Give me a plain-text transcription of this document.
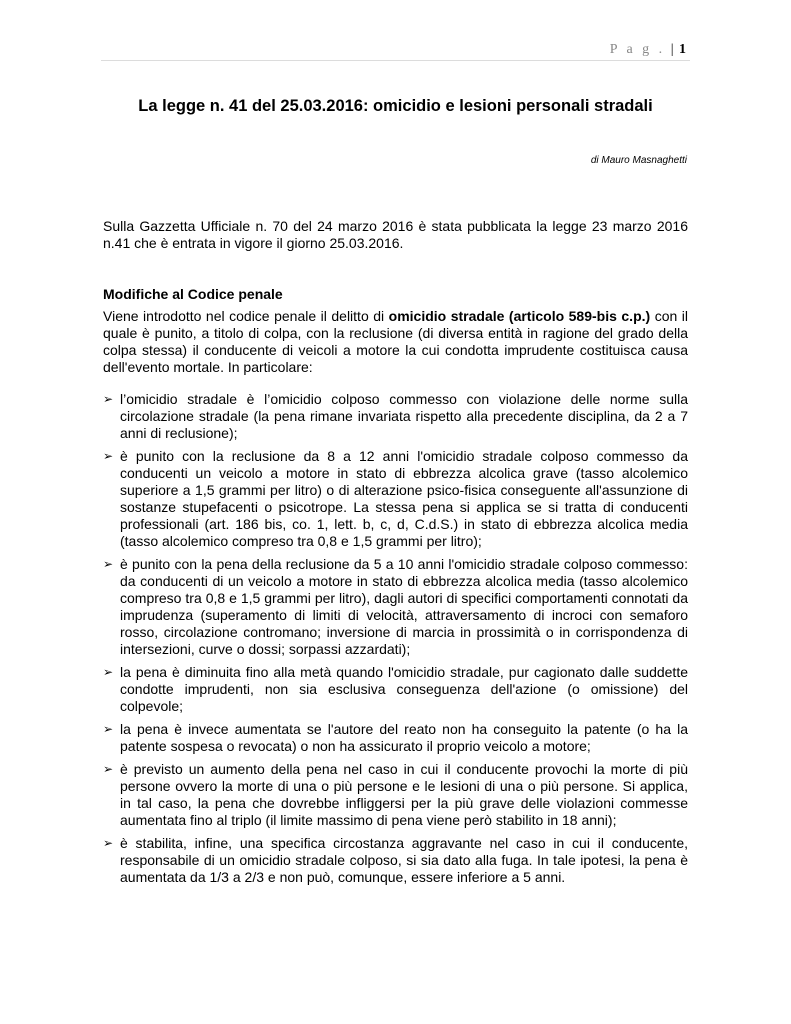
P a g . | 1
La legge n. 41 del 25.03.2016: omicidio e lesioni personali stradali
di Mauro Masnaghetti
Sulla Gazzetta Ufficiale n. 70 del 24 marzo 2016 è stata pubblicata la legge 23 marzo 2016 n.41 che è entrata in vigore il giorno 25.03.2016.
Modifiche al Codice penale
Viene introdotto nel codice penale il delitto di omicidio stradale (articolo 589-bis c.p.) con il quale è punito, a titolo di colpa, con la reclusione (di diversa entità in ragione del grado della colpa stessa) il conducente di veicoli a motore la cui condotta imprudente costituisca causa dell'evento mortale. In particolare:
➢ l’omicidio stradale è l’omicidio colposo commesso con violazione delle norme sulla circolazione stradale (la pena rimane invariata rispetto alla precedente disciplina, da 2 a 7 anni di reclusione);
➢ è punito con la reclusione da 8 a 12 anni l'omicidio stradale colposo commesso da conducenti un veicolo a motore in stato di ebbrezza alcolica grave (tasso alcolemico superiore a 1,5 grammi per litro) o di alterazione psico-fisica conseguente all'assunzione di sostanze stupefacenti o psicotrope. La stessa pena si applica se si tratta di conducenti professionali (art. 186 bis, co. 1, lett. b, c, d, C.d.S.) in stato di ebbrezza alcolica media (tasso alcolemico compreso tra 0,8 e 1,5 grammi per litro);
➢ è punito con la pena della reclusione da 5 a 10 anni l'omicidio stradale colposo commesso: da conducenti di un veicolo a motore in stato di ebbrezza alcolica media (tasso alcolemico compreso tra 0,8 e 1,5 grammi per litro), dagli autori di specifici comportamenti connotati da imprudenza (superamento di limiti di velocità, attraversamento di incroci con semaforo rosso, circolazione contromano; inversione di marcia in prossimità o in corrispondenza di intersezioni, curve o dossi; sorpassi azzardati);
➢ la pena è diminuita fino alla metà quando l'omicidio stradale, pur cagionato dalle suddette condotte imprudenti, non sia esclusiva conseguenza dell'azione (o omissione) del colpevole;
➢ la pena è invece aumentata se l'autore del reato non ha conseguito la patente (o ha la patente sospesa o revocata) o non ha assicurato il proprio veicolo a motore;
➢ è previsto un aumento della pena nel caso in cui il conducente provochi la morte di più persone ovvero la morte di una o più persone e le lesioni di una o più persone. Si applica, in tal caso, la pena che dovrebbe infliggersi per la più grave delle violazioni commesse aumentata fino al triplo (il limite massimo di pena viene però stabilito in 18 anni);
➢ è stabilita, infine, una specifica circostanza aggravante nel caso in cui il conducente, responsabile di un omicidio stradale colposo, si sia dato alla fuga. In tale ipotesi, la pena è aumentata da 1/3 a 2/3 e non può, comunque, essere inferiore a 5 anni.
